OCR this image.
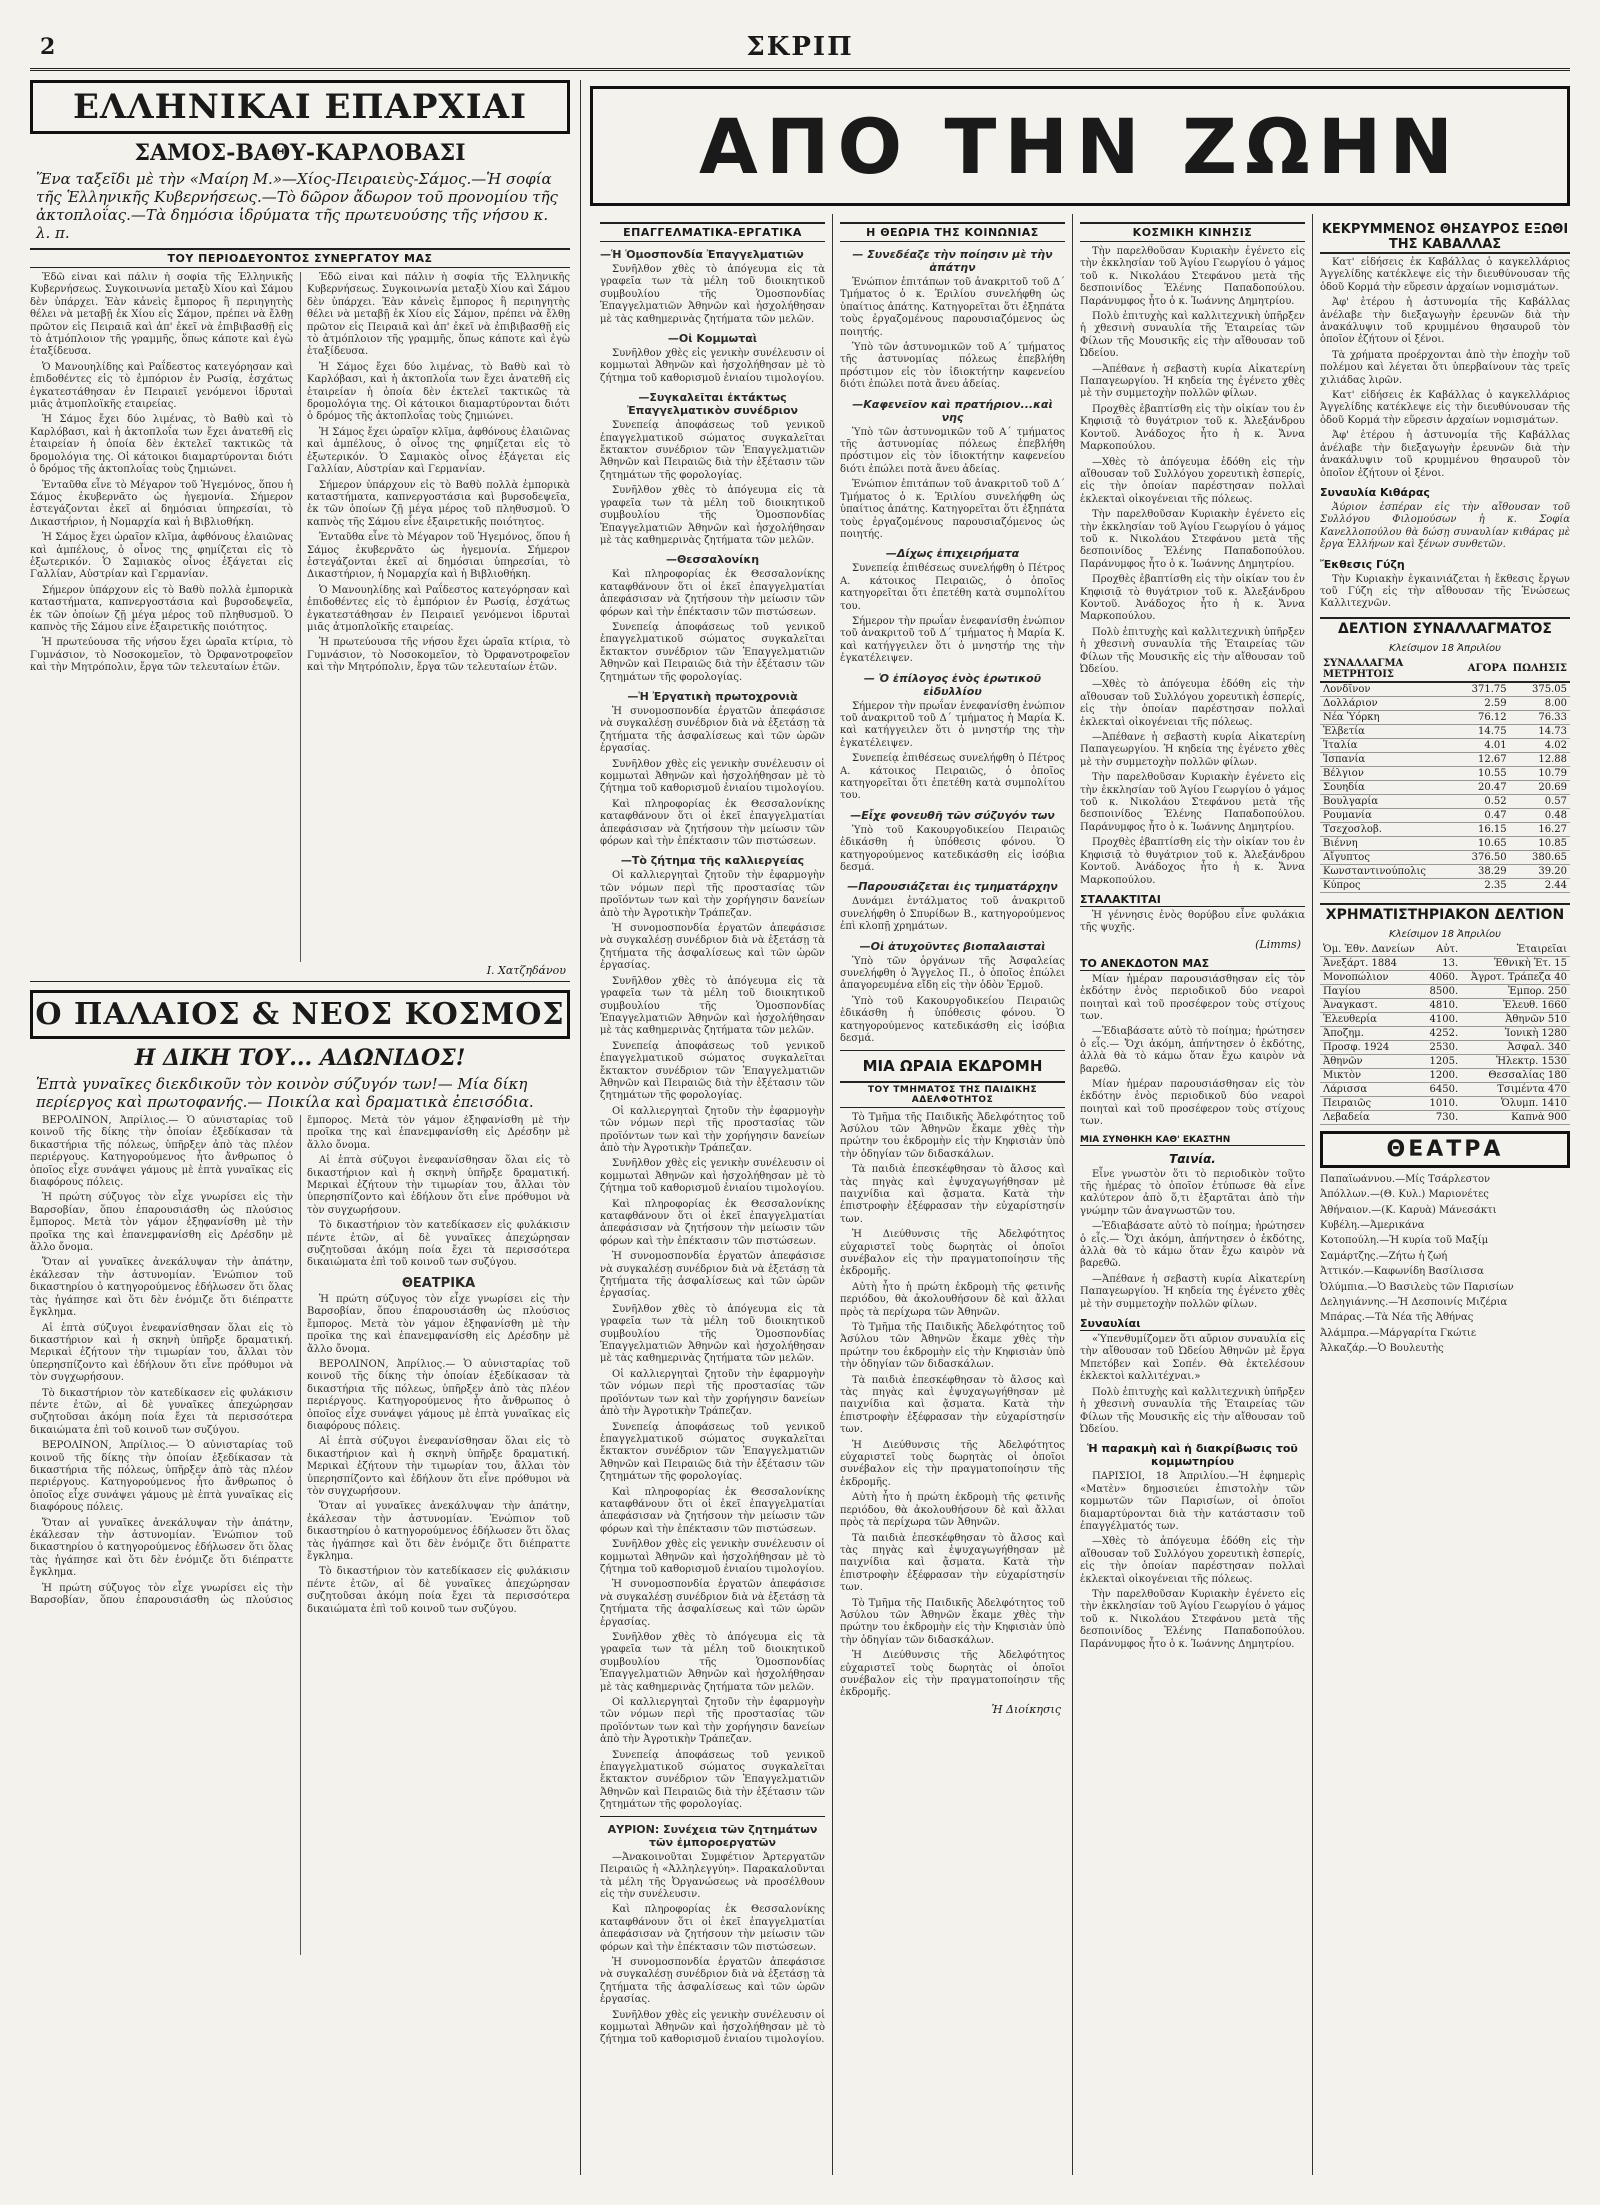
2	ΣΚΡΙΠ
ΕΛΛΗΝΙΚΑΙ ΕΠΑΡΧΙΑΙ
ΣΑΜΟΣ-ΒΑΘΥ-ΚΑΡΛΟΒΑΣΙ
Ἕνα ταξεῖδι μὲ τὴν «Μαίρη Μ.»—Χίος-Πειραιεὺς-Σάμος.—Ἡ σοφία τῆς Ἑλληνικῆς Κυβερνήσεως.—Τὸ δῶρον ἄδωρον τοῦ προνομίου τῆς ἀκτοπλοΐας.—Τὰ δημόσια ἱδρύματα τῆς πρωτευούσης τῆς νήσου κ. λ. π.
ΤΟΥ ΠΕΡΙΟΔΕΥΟΝΤΟΣ ΣΥΝΕΡΓΑΤΟΥ ΜΑΣ

Ἐδῶ εἶναι καὶ πάλιν ἡ σοφία τῆς Ἑλληνικῆς Κυβερνήσεως. Συγκοινωνία μεταξὺ Χίου καὶ Σάμου δὲν ὑπάρχει. Ἐὰν κἀνεὶς ἔμπορος ἢ περιηγητὴς θέλει νὰ μεταβῇ ἐκ Χίου εἰς Σάμον, πρέπει νὰ ἔλθῃ πρῶτον εἰς Πειραιᾶ καὶ ἀπ' ἐκεῖ νὰ ἐπιβιβασθῇ εἰς τὸ ἀτμόπλοιον τῆς γραμμῆς, ὅπως κάποτε καὶ ἐγὼ ἐταξίδευσα.

Ὁ Μανουηλίδης καὶ Ραΐδεστος κατεγόρησαν καὶ ἐπιδοθέντες εἰς τὸ ἐμπόριον ἐν Ρωσίᾳ, ἐσχάτως ἐγκατεστάθησαν ἐν Πειραιεῖ γενόμενοι ἰδρυταὶ μιᾶς ἀτμοπλοϊκῆς εταιρείας.

Ἡ Σάμος ἔχει δύο λιμένας, τὸ Βαθὺ καὶ τὸ Καρλόβασι, καὶ ἡ ἀκτοπλοΐα των ἔχει ἀνατεθῆ εἰς ἑταιρείαν ἡ ὁποία δὲν ἐκτελεῖ τακτικῶς τὰ δρομολόγια της. Οἱ κάτοικοι διαμαρτύρονται διότι ὁ δρόμος τῆς ἀκτοπλοΐας τοὺς ζημιώνει.

Ἐνταῦθα εἶνε τὸ Μέγαρον τοῦ Ἡγεμόνος, ὅπου ἡ Σάμος ἐκυβερνᾶτο ὡς ἡγεμονία. Σήμερον ἐστεγάζονται ἐκεῖ αἱ δημόσιαι ὑπηρεσίαι, τὸ Δικαστήριον, ἡ Νομαρχία καὶ ἡ Βιβλιοθήκη.

Ἡ Σάμος ἔχει ὡραῖον κλῖμα, ἀφθόνους ἐλαιῶνας καὶ ἀμπέλους, ὁ οἶνος της φημίζεται εἰς τὸ ἐξωτερικόν. Ὁ Σαμιακὸς οἶνος ἐξάγεται εἰς Γαλλίαν, Αὐστρίαν καὶ Γερμανίαν.

Σήμερον ὑπάρχουν εἰς τὸ Βαθὺ πολλὰ ἐμπορικὰ καταστήματα, καπνεργοστάσια καὶ βυρσοδεψεῖα, ἐκ τῶν ὁποίων ζῇ μέγα μέρος τοῦ πληθυσμοῦ. Ὁ καπνὸς τῆς Σάμου εἶνε ἐξαιρετικῆς ποιότητος.

Ἡ πρωτεύουσα τῆς νήσου ἔχει ὡραῖα κτίρια, τὸ Γυμνάσιον, τὸ Νοσοκομεῖον, τὸ Ὀρφανοτροφεῖον καὶ τὴν Μητρόπολιν, ἔργα τῶν τελευταίων ἐτῶν.

Ἐδῶ εἶναι καὶ πάλιν ἡ σοφία τῆς Ἑλληνικῆς Κυβερνήσεως. Συγκοινωνία μεταξὺ Χίου καὶ Σάμου δὲν ὑπάρχει. Ἐὰν κἀνεὶς ἔμπορος ἢ περιηγητὴς θέλει νὰ μεταβῇ ἐκ Χίου εἰς Σάμον, πρέπει νὰ ἔλθῃ πρῶτον εἰς Πειραιᾶ καὶ ἀπ' ἐκεῖ νὰ ἐπιβιβασθῇ εἰς τὸ ἀτμόπλοιον τῆς γραμμῆς, ὅπως κάποτε καὶ ἐγὼ ἐταξίδευσα.

Ἡ Σάμος ἔχει δύο λιμένας, τὸ Βαθὺ καὶ τὸ Καρλόβασι, καὶ ἡ ἀκτοπλοΐα των ἔχει ἀνατεθῆ εἰς ἑταιρείαν ἡ ὁποία δὲν ἐκτελεῖ τακτικῶς τὰ δρομολόγια της. Οἱ κάτοικοι διαμαρτύρονται διότι ὁ δρόμος τῆς ἀκτοπλοΐας τοὺς ζημιώνει.

Ἡ Σάμος ἔχει ὡραῖον κλῖμα, ἀφθόνους ἐλαιῶνας καὶ ἀμπέλους, ὁ οἶνος της φημίζεται εἰς τὸ ἐξωτερικόν. Ὁ Σαμιακὸς οἶνος ἐξάγεται εἰς Γαλλίαν, Αὐστρίαν καὶ Γερμανίαν.

Σήμερον ὑπάρχουν εἰς τὸ Βαθὺ πολλὰ ἐμπορικὰ καταστήματα, καπνεργοστάσια καὶ βυρσοδεψεῖα, ἐκ τῶν ὁποίων ζῇ μέγα μέρος τοῦ πληθυσμοῦ. Ὁ καπνὸς τῆς Σάμου εἶνε ἐξαιρετικῆς ποιότητος.

Ἐνταῦθα εἶνε τὸ Μέγαρον τοῦ Ἡγεμόνος, ὅπου ἡ Σάμος ἐκυβερνᾶτο ὡς ἡγεμονία. Σήμερον ἐστεγάζονται ἐκεῖ αἱ δημόσιαι ὑπηρεσίαι, τὸ Δικαστήριον, ἡ Νομαρχία καὶ ἡ Βιβλιοθήκη.

Ὁ Μανουηλίδης καὶ Ραΐδεστος κατεγόρησαν καὶ ἐπιδοθέντες εἰς τὸ ἐμπόριον ἐν Ρωσίᾳ, ἐσχάτως ἐγκατεστάθησαν ἐν Πειραιεῖ γενόμενοι ἰδρυταὶ μιᾶς ἀτμοπλοϊκῆς εταιρείας.

Ἡ πρωτεύουσα τῆς νήσου ἔχει ὡραῖα κτίρια, τὸ Γυμνάσιον, τὸ Νοσοκομεῖον, τὸ Ὀρφανοτροφεῖον καὶ τὴν Μητρόπολιν, ἔργα τῶν τελευταίων ἐτῶν.

Ι. Χατζηδάνου
Ο ΠΑΛΑΙΟΣ & ΝΕΟΣ ΚΟΣΜΟΣ
Η ΔΙΚΗ ΤΟΥ... ΑΔΩΝΙΔΟΣ!
Ἑπτὰ γυναῖκες διεκδικοῦν τὸν κοινὸν σύζυγόν των!— Μία δίκη περίεργος καὶ πρωτοφανής.— Ποικίλα καὶ δραματικὰ ἐπεισόδια.

ΒΕΡΟΛΙΝΟΝ, Ἀπρίλιος.— Ὁ αὐνισταρίας τοῦ κοινοῦ τῆς δίκης τὴν ὁποίαν ἐξεδίκασαν τὰ δικαστήρια τῆς πόλεως, ὑπῆρξεν ἀπὸ τὰς πλέον περιέργους. Κατηγορούμενος ἦτο ἄνθρωπος ὁ ὁποῖος εἶχε συνάψει γάμους μὲ ἑπτὰ γυναῖκας εἰς διαφόρους πόλεις.

Ἡ πρώτη σύζυγος τὸν εἶχε γνωρίσει εἰς τὴν Βαρσοβίαν, ὅπου ἐπαρουσιάσθη ὡς πλούσιος ἔμπορος. Μετὰ τὸν γάμον ἐξηφανίσθη μὲ τὴν προῖκα της καὶ ἐπανεμφανίσθη εἰς Δρέσδην μὲ ἄλλο ὄνομα.

Ὅταν αἱ γυναῖκες ἀνεκάλυψαν τὴν ἀπάτην, ἐκάλεσαν τὴν ἀστυνομίαν. Ἐνώπιον τοῦ δικαστηρίου ὁ κατηγορούμενος ἐδήλωσεν ὅτι ὅλας τὰς ἠγάπησε καὶ ὅτι δὲν ἐνόμιζε ὅτι διέπραττε ἔγκλημα.

Αἱ ἑπτὰ σύζυγοι ἐνεφανίσθησαν ὅλαι εἰς τὸ δικαστήριον καὶ ἡ σκηνὴ ὑπῆρξε δραματική. Μερικαὶ ἐζήτουν τὴν τιμωρίαν του, ἄλλαι τὸν ὑπερησπίζοντο καὶ ἐδήλουν ὅτι εἶνε πρόθυμοι νὰ τὸν συγχωρήσουν.

Τὸ δικαστήριον τὸν κατεδίκασεν εἰς φυλάκισιν πέντε ἐτῶν, αἱ δὲ γυναῖκες ἀπεχώρησαν συζητοῦσαι ἀκόμη ποία ἔχει τὰ περισσότερα δικαιώματα ἐπὶ τοῦ κοινοῦ των συζύγου.

ΒΕΡΟΛΙΝΟΝ, Ἀπρίλιος.— Ὁ αὐνισταρίας τοῦ κοινοῦ τῆς δίκης τὴν ὁποίαν ἐξεδίκασαν τὰ δικαστήρια τῆς πόλεως, ὑπῆρξεν ἀπὸ τὰς πλέον περιέργους. Κατηγορούμενος ἦτο ἄνθρωπος ὁ ὁποῖος εἶχε συνάψει γάμους μὲ ἑπτὰ γυναῖκας εἰς διαφόρους πόλεις.

Ὅταν αἱ γυναῖκες ἀνεκάλυψαν τὴν ἀπάτην, ἐκάλεσαν τὴν ἀστυνομίαν. Ἐνώπιον τοῦ δικαστηρίου ὁ κατηγορούμενος ἐδήλωσεν ὅτι ὅλας τὰς ἠγάπησε καὶ ὅτι δὲν ἐνόμιζε ὅτι διέπραττε ἔγκλημα.

Ἡ πρώτη σύζυγος τὸν εἶχε γνωρίσει εἰς τὴν Βαρσοβίαν, ὅπου ἐπαρουσιάσθη ὡς πλούσιος ἔμπορος. Μετὰ τὸν γάμον ἐξηφανίσθη μὲ τὴν προῖκα της καὶ ἐπανεμφανίσθη εἰς Δρέσδην μὲ ἄλλο ὄνομα.

Αἱ ἑπτὰ σύζυγοι ἐνεφανίσθησαν ὅλαι εἰς τὸ δικαστήριον καὶ ἡ σκηνὴ ὑπῆρξε δραματική. Μερικαὶ ἐζήτουν τὴν τιμωρίαν του, ἄλλαι τὸν ὑπερησπίζοντο καὶ ἐδήλουν ὅτι εἶνε πρόθυμοι νὰ τὸν συγχωρήσουν.

Τὸ δικαστήριον τὸν κατεδίκασεν εἰς φυλάκισιν πέντε ἐτῶν, αἱ δὲ γυναῖκες ἀπεχώρησαν συζητοῦσαι ἀκόμη ποία ἔχει τὰ περισσότερα δικαιώματα ἐπὶ τοῦ κοινοῦ των συζύγου.

ΘΕΑΤΡΙΚΑ

Ἡ πρώτη σύζυγος τὸν εἶχε γνωρίσει εἰς τὴν Βαρσοβίαν, ὅπου ἐπαρουσιάσθη ὡς πλούσιος ἔμπορος. Μετὰ τὸν γάμον ἐξηφανίσθη μὲ τὴν προῖκα της καὶ ἐπανεμφανίσθη εἰς Δρέσδην μὲ ἄλλο ὄνομα.

ΒΕΡΟΛΙΝΟΝ, Ἀπρίλιος.— Ὁ αὐνισταρίας τοῦ κοινοῦ τῆς δίκης τὴν ὁποίαν ἐξεδίκασαν τὰ δικαστήρια τῆς πόλεως, ὑπῆρξεν ἀπὸ τὰς πλέον περιέργους. Κατηγορούμενος ἦτο ἄνθρωπος ὁ ὁποῖος εἶχε συνάψει γάμους μὲ ἑπτὰ γυναῖκας εἰς διαφόρους πόλεις.

Αἱ ἑπτὰ σύζυγοι ἐνεφανίσθησαν ὅλαι εἰς τὸ δικαστήριον καὶ ἡ σκηνὴ ὑπῆρξε δραματική. Μερικαὶ ἐζήτουν τὴν τιμωρίαν του, ἄλλαι τὸν ὑπερησπίζοντο καὶ ἐδήλουν ὅτι εἶνε πρόθυμοι νὰ τὸν συγχωρήσουν.

Ὅταν αἱ γυναῖκες ἀνεκάλυψαν τὴν ἀπάτην, ἐκάλεσαν τὴν ἀστυνομίαν. Ἐνώπιον τοῦ δικαστηρίου ὁ κατηγορούμενος ἐδήλωσεν ὅτι ὅλας τὰς ἠγάπησε καὶ ὅτι δὲν ἐνόμιζε ὅτι διέπραττε ἔγκλημα.

Τὸ δικαστήριον τὸν κατεδίκασεν εἰς φυλάκισιν πέντε ἐτῶν, αἱ δὲ γυναῖκες ἀπεχώρησαν συζητοῦσαι ἀκόμη ποία ἔχει τὰ περισσότερα δικαιώματα ἐπὶ τοῦ κοινοῦ των συζύγου.

ΑΠΟ ΤΗΝ ΖΩΗΝ
ΕΠΑΓΓΕΛΜΑΤΙΚΑ-ΕΡΓΑΤΙΚΑ
—Ἡ Ὁμοσπονδία Ἐπαγγελματιῶν

Συνῆλθον χθὲς τὸ ἀπόγευμα εἰς τὰ γραφεῖα των τὰ μέλη τοῦ διοικητικοῦ συμβουλίου τῆς Ὁμοσπονδίας Ἐπαγγελματιῶν Ἀθηνῶν καὶ ἠσχολήθησαν μὲ τὰς καθημερινὰς ζητήματα τῶν μελῶν.

—Οἱ Κομμωταὶ

Συνῆλθον χθὲς εἰς γενικὴν συνέλευσιν οἱ κομμωταὶ Ἀθηνῶν καὶ ἠσχολήθησαν μὲ τὸ ζήτημα τοῦ καθορισμοῦ ἑνιαίου τιμολογίου.

—Συγκαλεῖται ἐκτάκτως Ἐπαγγελματικὸν συνέδριον

Συνεπείᾳ ἀποφάσεως τοῦ γενικοῦ ἐπαγγελματικοῦ σώματος συγκαλεῖται ἔκτακτον συνέδριον τῶν Ἐπαγγελματιῶν Ἀθηνῶν καὶ Πειραιῶς διὰ τὴν ἐξέτασιν τῶν ζητημάτων τῆς φορολογίας.

Συνῆλθον χθὲς τὸ ἀπόγευμα εἰς τὰ γραφεῖα των τὰ μέλη τοῦ διοικητικοῦ συμβουλίου τῆς Ὁμοσπονδίας Ἐπαγγελματιῶν Ἀθηνῶν καὶ ἠσχολήθησαν μὲ τὰς καθημερινὰς ζητήματα τῶν μελῶν.

—Θεσσαλονίκη

Καὶ πληροφορίας ἐκ Θεσσαλονίκης καταφθάνουν ὅτι οἱ ἐκεῖ ἐπαγγελματίαι ἀπεφάσισαν νὰ ζητήσουν τὴν μείωσιν τῶν φόρων καὶ τὴν ἐπέκτασιν τῶν πιστώσεων.

Συνεπείᾳ ἀποφάσεως τοῦ γενικοῦ ἐπαγγελματικοῦ σώματος συγκαλεῖται ἔκτακτον συνέδριον τῶν Ἐπαγγελματιῶν Ἀθηνῶν καὶ Πειραιῶς διὰ τὴν ἐξέτασιν τῶν ζητημάτων τῆς φορολογίας.

—Ἡ Ἐργατικὴ πρωτοχρονιὰ

Ἡ συνομοσπονδία ἐργατῶν ἀπεφάσισε νὰ συγκαλέσῃ συνέδριον διὰ νὰ ἐξετάσῃ τὰ ζητήματα τῆς ἀσφαλίσεως καὶ τῶν ὡρῶν ἐργασίας.

Συνῆλθον χθὲς εἰς γενικὴν συνέλευσιν οἱ κομμωταὶ Ἀθηνῶν καὶ ἠσχολήθησαν μὲ τὸ ζήτημα τοῦ καθορισμοῦ ἑνιαίου τιμολογίου.

Καὶ πληροφορίας ἐκ Θεσσαλονίκης καταφθάνουν ὅτι οἱ ἐκεῖ ἐπαγγελματίαι ἀπεφάσισαν νὰ ζητήσουν τὴν μείωσιν τῶν φόρων καὶ τὴν ἐπέκτασιν τῶν πιστώσεων.

—Τὸ ζήτημα τῆς καλλιεργείας

Οἱ καλλιεργηταὶ ζητοῦν τὴν ἐφαρμογὴν τῶν νόμων περὶ τῆς προστασίας τῶν προϊόντων των καὶ τὴν χορήγησιν δανείων ἀπὸ τὴν Ἀγροτικὴν Τράπεζαν.

Ἡ συνομοσπονδία ἐργατῶν ἀπεφάσισε νὰ συγκαλέσῃ συνέδριον διὰ νὰ ἐξετάσῃ τὰ ζητήματα τῆς ἀσφαλίσεως καὶ τῶν ὡρῶν ἐργασίας.

Συνῆλθον χθὲς τὸ ἀπόγευμα εἰς τὰ γραφεῖα των τὰ μέλη τοῦ διοικητικοῦ συμβουλίου τῆς Ὁμοσπονδίας Ἐπαγγελματιῶν Ἀθηνῶν καὶ ἠσχολήθησαν μὲ τὰς καθημερινὰς ζητήματα τῶν μελῶν.

Συνεπείᾳ ἀποφάσεως τοῦ γενικοῦ ἐπαγγελματικοῦ σώματος συγκαλεῖται ἔκτακτον συνέδριον τῶν Ἐπαγγελματιῶν Ἀθηνῶν καὶ Πειραιῶς διὰ τὴν ἐξέτασιν τῶν ζητημάτων τῆς φορολογίας.

Οἱ καλλιεργηταὶ ζητοῦν τὴν ἐφαρμογὴν τῶν νόμων περὶ τῆς προστασίας τῶν προϊόντων των καὶ τὴν χορήγησιν δανείων ἀπὸ τὴν Ἀγροτικὴν Τράπεζαν.

Συνῆλθον χθὲς εἰς γενικὴν συνέλευσιν οἱ κομμωταὶ Ἀθηνῶν καὶ ἠσχολήθησαν μὲ τὸ ζήτημα τοῦ καθορισμοῦ ἑνιαίου τιμολογίου.

Καὶ πληροφορίας ἐκ Θεσσαλονίκης καταφθάνουν ὅτι οἱ ἐκεῖ ἐπαγγελματίαι ἀπεφάσισαν νὰ ζητήσουν τὴν μείωσιν τῶν φόρων καὶ τὴν ἐπέκτασιν τῶν πιστώσεων.

Ἡ συνομοσπονδία ἐργατῶν ἀπεφάσισε νὰ συγκαλέσῃ συνέδριον διὰ νὰ ἐξετάσῃ τὰ ζητήματα τῆς ἀσφαλίσεως καὶ τῶν ὡρῶν ἐργασίας.

Συνῆλθον χθὲς τὸ ἀπόγευμα εἰς τὰ γραφεῖα των τὰ μέλη τοῦ διοικητικοῦ συμβουλίου τῆς Ὁμοσπονδίας Ἐπαγγελματιῶν Ἀθηνῶν καὶ ἠσχολήθησαν μὲ τὰς καθημερινὰς ζητήματα τῶν μελῶν.

Οἱ καλλιεργηταὶ ζητοῦν τὴν ἐφαρμογὴν τῶν νόμων περὶ τῆς προστασίας τῶν προϊόντων των καὶ τὴν χορήγησιν δανείων ἀπὸ τὴν Ἀγροτικὴν Τράπεζαν.

Συνεπείᾳ ἀποφάσεως τοῦ γενικοῦ ἐπαγγελματικοῦ σώματος συγκαλεῖται ἔκτακτον συνέδριον τῶν Ἐπαγγελματιῶν Ἀθηνῶν καὶ Πειραιῶς διὰ τὴν ἐξέτασιν τῶν ζητημάτων τῆς φορολογίας.

Καὶ πληροφορίας ἐκ Θεσσαλονίκης καταφθάνουν ὅτι οἱ ἐκεῖ ἐπαγγελματίαι ἀπεφάσισαν νὰ ζητήσουν τὴν μείωσιν τῶν φόρων καὶ τὴν ἐπέκτασιν τῶν πιστώσεων.

Συνῆλθον χθὲς εἰς γενικὴν συνέλευσιν οἱ κομμωταὶ Ἀθηνῶν καὶ ἠσχολήθησαν μὲ τὸ ζήτημα τοῦ καθορισμοῦ ἑνιαίου τιμολογίου.

Ἡ συνομοσπονδία ἐργατῶν ἀπεφάσισε νὰ συγκαλέσῃ συνέδριον διὰ νὰ ἐξετάσῃ τὰ ζητήματα τῆς ἀσφαλίσεως καὶ τῶν ὡρῶν ἐργασίας.

Συνῆλθον χθὲς τὸ ἀπόγευμα εἰς τὰ γραφεῖα των τὰ μέλη τοῦ διοικητικοῦ συμβουλίου τῆς Ὁμοσπονδίας Ἐπαγγελματιῶν Ἀθηνῶν καὶ ἠσχολήθησαν μὲ τὰς καθημερινὰς ζητήματα τῶν μελῶν.

Οἱ καλλιεργηταὶ ζητοῦν τὴν ἐφαρμογὴν τῶν νόμων περὶ τῆς προστασίας τῶν προϊόντων των καὶ τὴν χορήγησιν δανείων ἀπὸ τὴν Ἀγροτικὴν Τράπεζαν.

Συνεπείᾳ ἀποφάσεως τοῦ γενικοῦ ἐπαγγελματικοῦ σώματος συγκαλεῖται ἔκτακτον συνέδριον τῶν Ἐπαγγελματιῶν Ἀθηνῶν καὶ Πειραιῶς διὰ τὴν ἐξέτασιν τῶν ζητημάτων τῆς φορολογίας.

ΑΥΡΙΟΝ: Συνέχεια τῶν ζητημάτων τῶν ἐμποροεργατῶν

—Ἀνακοινοῦται Συμφέτιον Ἀρτεργατῶν Πειραιῶς ἡ «Ἀλληλεγγύη». Παρακαλοῦνται τὰ μέλη τῆς Ὀργανώσεως νὰ προσέλθουν εἰς τὴν συνέλευσιν.

Καὶ πληροφορίας ἐκ Θεσσαλονίκης καταφθάνουν ὅτι οἱ ἐκεῖ ἐπαγγελματίαι ἀπεφάσισαν νὰ ζητήσουν τὴν μείωσιν τῶν φόρων καὶ τὴν ἐπέκτασιν τῶν πιστώσεων.

Ἡ συνομοσπονδία ἐργατῶν ἀπεφάσισε νὰ συγκαλέσῃ συνέδριον διὰ νὰ ἐξετάσῃ τὰ ζητήματα τῆς ἀσφαλίσεως καὶ τῶν ὡρῶν ἐργασίας.

Συνῆλθον χθὲς εἰς γενικὴν συνέλευσιν οἱ κομμωταὶ Ἀθηνῶν καὶ ἠσχολήθησαν μὲ τὸ ζήτημα τοῦ καθορισμοῦ ἑνιαίου τιμολογίου.

Η ΘΕΩΡΙΑ ΤΗΣ ΚΟΙΝΩΝΙΑΣ
— Συνεδέαζε τὴν ποίησιν μὲ τὴν ἁπάτην

Ἐνώπιον ἐπιτάπων τοῦ ἀνακριτοῦ τοῦ Δ΄ Τμήματος ὁ κ. Ἐριλίου συνελήφθη ὡς ὑπαίτιος ἀπάτης. Κατηγορεῖται ὅτι ἐξηπάτα τοὺς ἐργαζομένους παρουσιαζόμενος ὡς ποιητής.

Ὑπὸ τῶν ἀστυνομικῶν τοῦ Α΄ τμήματος τῆς ἀστυνομίας πόλεως ἐπεβλήθη πρόστιμον εἰς τὸν ἰδιοκτήτην καφενείου διότι ἐπώλει ποτὰ ἄνευ ἀδείας.

—Καφενεῖον καὶ πρατήριον...καὶ νης

Ὑπὸ τῶν ἀστυνομικῶν τοῦ Α΄ τμήματος τῆς ἀστυνομίας πόλεως ἐπεβλήθη πρόστιμον εἰς τὸν ἰδιοκτήτην καφενείου διότι ἐπώλει ποτὰ ἄνευ ἀδείας.

Ἐνώπιον ἐπιτάπων τοῦ ἀνακριτοῦ τοῦ Δ΄ Τμήματος ὁ κ. Ἐριλίου συνελήφθη ὡς ὑπαίτιος ἀπάτης. Κατηγορεῖται ὅτι ἐξηπάτα τοὺς ἐργαζομένους παρουσιαζόμενος ὡς ποιητής.

—Δίχως ἐπιχειρήματα

Συνεπείᾳ ἐπιθέσεως συνελήφθη ὁ Πέτρος Α. κάτοικος Πειραιῶς, ὁ ὁποῖος κατηγορεῖται ὅτι ἐπετέθη κατὰ συμπολίτου του.

Σήμερον τὴν πρωΐαν ἐνεφανίσθη ἐνώπιον τοῦ ἀνακριτοῦ τοῦ Δ΄ τμήματος ἡ Μαρία Κ. καὶ κατήγγειλεν ὅτι ὁ μνηστήρ της τὴν ἐγκατέλειψεν.

— Ὁ ἐπίλογος ἑνὸς ἐρωτικοῦ εἰδυλλίου

Σήμερον τὴν πρωΐαν ἐνεφανίσθη ἐνώπιον τοῦ ἀνακριτοῦ τοῦ Δ΄ τμήματος ἡ Μαρία Κ. καὶ κατήγγειλεν ὅτι ὁ μνηστήρ της τὴν ἐγκατέλειψεν.

Συνεπείᾳ ἐπιθέσεως συνελήφθη ὁ Πέτρος Α. κάτοικος Πειραιῶς, ὁ ὁποῖος κατηγορεῖται ὅτι ἐπετέθη κατὰ συμπολίτου του.

—Εἶχε φονευθῆ τῶν σύζυγόν των

Ὑπὸ τοῦ Κακουργοδικείου Πειραιῶς ἐδικάσθη ἡ ὑπόθεσις φόνου. Ὁ κατηγορούμενος κατεδικάσθη εἰς ἰσόβια δεσμά.

—Παρουσιάζεται ἐις τμηματάρχην

Δυνάμει ἐντάλματος τοῦ ἀνακριτοῦ συνελήφθη ὁ Σπυρίδων Β., κατηγορούμενος ἐπὶ κλοπῇ χρημάτων.

—Οἱ ἀτυχοῦντες βιοπαλαισταὶ

Ὑπὸ τῶν ὀργάνων τῆς Ἀσφαλείας συνελήφθη ὁ Ἄγγελος Π., ὁ ὁποῖος ἐπώλει ἀπαγορευμένα εἴδη εἰς τὴν ὁδὸν Ἑρμοῦ.

Ὑπὸ τοῦ Κακουργοδικείου Πειραιῶς ἐδικάσθη ἡ ὑπόθεσις φόνου. Ὁ κατηγορούμενος κατεδικάσθη εἰς ἰσόβια δεσμά.

ΜΙΑ ΩΡΑΙΑ ΕΚΔΡΟΜΗ
ΤΟΥ ΤΜΗΜΑΤΟΣ ΤΗΣ ΠΑΙΔΙΚΗΣ ΑΔΕΛΦΟΤΗΤΟΣ

Τὸ Τμῆμα τῆς Παιδικῆς Ἀδελφότητος τοῦ Ἀσύλου τῶν Ἀθηνῶν ἔκαμε χθὲς τὴν πρώτην του ἐκδρομὴν εἰς τὴν Κηφισιὰν ὑπὸ τὴν ὁδηγίαν τῶν διδασκάλων.

Τὰ παιδιὰ ἐπεσκέφθησαν τὸ ἄλσος καὶ τὰς πηγὰς καὶ ἐψυχαγωγήθησαν μὲ παιχνίδια καὶ ᾄσματα. Κατὰ τὴν ἐπιστροφὴν ἐξέφρασαν τὴν εὐχαρίστησίν των.

Ἡ Διεύθυνσις τῆς Ἀδελφότητος εὐχαριστεῖ τοὺς δωρητὰς οἱ ὁποῖοι συνέβαλον εἰς τὴν πραγματοποίησιν τῆς ἐκδρομῆς.

Αὐτὴ ἦτο ἡ πρώτη ἐκδρομὴ τῆς φετινῆς περιόδου, θὰ ἀκολουθήσουν δὲ καὶ ἄλλαι πρὸς τὰ περίχωρα τῶν Ἀθηνῶν.

Τὸ Τμῆμα τῆς Παιδικῆς Ἀδελφότητος τοῦ Ἀσύλου τῶν Ἀθηνῶν ἔκαμε χθὲς τὴν πρώτην του ἐκδρομὴν εἰς τὴν Κηφισιὰν ὑπὸ τὴν ὁδηγίαν τῶν διδασκάλων.

Τὰ παιδιὰ ἐπεσκέφθησαν τὸ ἄλσος καὶ τὰς πηγὰς καὶ ἐψυχαγωγήθησαν μὲ παιχνίδια καὶ ᾄσματα. Κατὰ τὴν ἐπιστροφὴν ἐξέφρασαν τὴν εὐχαρίστησίν των.

Ἡ Διεύθυνσις τῆς Ἀδελφότητος εὐχαριστεῖ τοὺς δωρητὰς οἱ ὁποῖοι συνέβαλον εἰς τὴν πραγματοποίησιν τῆς ἐκδρομῆς.

Αὐτὴ ἦτο ἡ πρώτη ἐκδρομὴ τῆς φετινῆς περιόδου, θὰ ἀκολουθήσουν δὲ καὶ ἄλλαι πρὸς τὰ περίχωρα τῶν Ἀθηνῶν.

Τὰ παιδιὰ ἐπεσκέφθησαν τὸ ἄλσος καὶ τὰς πηγὰς καὶ ἐψυχαγωγήθησαν μὲ παιχνίδια καὶ ᾄσματα. Κατὰ τὴν ἐπιστροφὴν ἐξέφρασαν τὴν εὐχαρίστησίν των.

Τὸ Τμῆμα τῆς Παιδικῆς Ἀδελφότητος τοῦ Ἀσύλου τῶν Ἀθηνῶν ἔκαμε χθὲς τὴν πρώτην του ἐκδρομὴν εἰς τὴν Κηφισιὰν ὑπὸ τὴν ὁδηγίαν τῶν διδασκάλων.

Ἡ Διεύθυνσις τῆς Ἀδελφότητος εὐχαριστεῖ τοὺς δωρητὰς οἱ ὁποῖοι συνέβαλον εἰς τὴν πραγματοποίησιν τῆς ἐκδρομῆς.

Ἡ Διοίκησις
ΚΟΣΜΙΚΗ ΚΙΝΗΣΙΣ

Τὴν παρελθοῦσαν Κυριακὴν ἐγένετο εἰς τὴν ἐκκλησίαν τοῦ Ἁγίου Γεωργίου ὁ γάμος τοῦ κ. Νικολάου Στεφάνου μετὰ τῆς δεσποινίδος Ἑλένης Παπαδοπούλου. Παράνυμφος ἦτο ὁ κ. Ἰωάννης Δημητρίου.

Πολὺ ἐπιτυχὴς καὶ καλλιτεχνικὴ ὑπῆρξεν ἡ χθεσινὴ συναυλία τῆς Ἑταιρείας τῶν Φίλων τῆς Μουσικῆς εἰς τὴν αἴθουσαν τοῦ Ὠδείου.

—Ἀπέθανε ἡ σεβαστὴ κυρία Αἰκατερίνη Παπαγεωργίου. Ἡ κηδεία της ἐγένετο χθὲς μὲ τὴν συμμετοχὴν πολλῶν φίλων.

Προχθὲς ἐβαπτίσθη εἰς τὴν οἰκίαν του ἐν Κηφισιᾷ τὸ θυγάτριον τοῦ κ. Ἀλεξάνδρου Κοντοῦ. Ἀνάδοχος ἦτο ἡ κ. Ἄννα Μαρκοπούλου.

—Χθὲς τὸ ἀπόγευμα ἐδόθη εἰς τὴν αἴθουσαν τοῦ Συλλόγου χορευτικὴ ἑσπερίς, εἰς τὴν ὁποίαν παρέστησαν πολλαὶ ἐκλεκταὶ οἰκογένειαι τῆς πόλεως.

Τὴν παρελθοῦσαν Κυριακὴν ἐγένετο εἰς τὴν ἐκκλησίαν τοῦ Ἁγίου Γεωργίου ὁ γάμος τοῦ κ. Νικολάου Στεφάνου μετὰ τῆς δεσποινίδος Ἑλένης Παπαδοπούλου. Παράνυμφος ἦτο ὁ κ. Ἰωάννης Δημητρίου.

Προχθὲς ἐβαπτίσθη εἰς τὴν οἰκίαν του ἐν Κηφισιᾷ τὸ θυγάτριον τοῦ κ. Ἀλεξάνδρου Κοντοῦ. Ἀνάδοχος ἦτο ἡ κ. Ἄννα Μαρκοπούλου.

Πολὺ ἐπιτυχὴς καὶ καλλιτεχνικὴ ὑπῆρξεν ἡ χθεσινὴ συναυλία τῆς Ἑταιρείας τῶν Φίλων τῆς Μουσικῆς εἰς τὴν αἴθουσαν τοῦ Ὠδείου.

—Χθὲς τὸ ἀπόγευμα ἐδόθη εἰς τὴν αἴθουσαν τοῦ Συλλόγου χορευτικὴ ἑσπερίς, εἰς τὴν ὁποίαν παρέστησαν πολλαὶ ἐκλεκταὶ οἰκογένειαι τῆς πόλεως.

—Ἀπέθανε ἡ σεβαστὴ κυρία Αἰκατερίνη Παπαγεωργίου. Ἡ κηδεία της ἐγένετο χθὲς μὲ τὴν συμμετοχὴν πολλῶν φίλων.

Τὴν παρελθοῦσαν Κυριακὴν ἐγένετο εἰς τὴν ἐκκλησίαν τοῦ Ἁγίου Γεωργίου ὁ γάμος τοῦ κ. Νικολάου Στεφάνου μετὰ τῆς δεσποινίδος Ἑλένης Παπαδοπούλου. Παράνυμφος ἦτο ὁ κ. Ἰωάννης Δημητρίου.

Προχθὲς ἐβαπτίσθη εἰς τὴν οἰκίαν του ἐν Κηφισιᾷ τὸ θυγάτριον τοῦ κ. Ἀλεξάνδρου Κοντοῦ. Ἀνάδοχος ἦτο ἡ κ. Ἄννα Μαρκοπούλου.

ΣΤΑΛΑΚΤΙΤΑΙ

Ἡ γέννησις ἑνὸς θορύβου εἶνε φυλάκια τῆς ψυχῆς.

(Limms)
ΤΟ ΑΝΕΚΔΟΤΟΝ ΜΑΣ

Μίαν ἡμέραν παρουσιάσθησαν εἰς τὸν ἐκδότην ἑνὸς περιοδικοῦ δύο νεαροὶ ποιηταὶ καὶ τοῦ προσέφερον τοὺς στίχους των.

—Ἐδιαβάσατε αὐτὸ τὸ ποίημα; ἠρώτησεν ὁ εἷς.— Ὄχι ἀκόμη, ἀπήντησεν ὁ ἐκδότης, ἀλλὰ θὰ τὸ κάμω ὅταν ἔχω καιρὸν νὰ βαρεθῶ.

Μίαν ἡμέραν παρουσιάσθησαν εἰς τὸν ἐκδότην ἑνὸς περιοδικοῦ δύο νεαροὶ ποιηταὶ καὶ τοῦ προσέφερον τοὺς στίχους των.

ΜΙΑ ΣΥΝΘΗΚΗ ΚΑΘ' ΕΚΑΣΤΗΝ
Ταινία.

Εἶνε γνωστὸν ὅτι τὸ περιοδικὸν τοῦτο τῆς ἡμέρας τὸ ὁποῖον ἐτύπωσε θὰ εἶνε καλύτερον ἀπὸ ὅ,τι ἐξαρτᾶται ἀπὸ τὴν γνώμην τῶν ἀναγνωστῶν του.

—Ἐδιαβάσατε αὐτὸ τὸ ποίημα; ἠρώτησεν ὁ εἷς.— Ὄχι ἀκόμη, ἀπήντησεν ὁ ἐκδότης, ἀλλὰ θὰ τὸ κάμω ὅταν ἔχω καιρὸν νὰ βαρεθῶ.

—Ἀπέθανε ἡ σεβαστὴ κυρία Αἰκατερίνη Παπαγεωργίου. Ἡ κηδεία της ἐγένετο χθὲς μὲ τὴν συμμετοχὴν πολλῶν φίλων.

Συναυλίαι

«Ὑπενθυμίζομεν ὅτι αὔριον συναυλία εἰς τὴν αἴθουσαν τοῦ Ὠδείου Ἀθηνῶν μὲ ἔργα Μπετόβεν καὶ Σοπέν. Θὰ ἐκτελέσουν ἐκλεκτοὶ καλλιτέχναι.»

Πολὺ ἐπιτυχὴς καὶ καλλιτεχνικὴ ὑπῆρξεν ἡ χθεσινὴ συναυλία τῆς Ἑταιρείας τῶν Φίλων τῆς Μουσικῆς εἰς τὴν αἴθουσαν τοῦ Ὠδείου.

Ἡ παρακμὴ καὶ ἡ διακρίβωσις τοῦ κομμωτηρίου

ΠΑΡΙΣΙΟΙ, 18 Ἀπριλίου.—Ἡ ἐφημερὶς «Ματὲν» δημοσιεύει ἐπιστολὴν τῶν κομμωτῶν τῶν Παρισίων, οἱ ὁποῖοι διαμαρτύρονται διὰ τὴν κατάστασιν τοῦ ἐπαγγέλματός των.

—Χθὲς τὸ ἀπόγευμα ἐδόθη εἰς τὴν αἴθουσαν τοῦ Συλλόγου χορευτικὴ ἑσπερίς, εἰς τὴν ὁποίαν παρέστησαν πολλαὶ ἐκλεκταὶ οἰκογένειαι τῆς πόλεως.

Τὴν παρελθοῦσαν Κυριακὴν ἐγένετο εἰς τὴν ἐκκλησίαν τοῦ Ἁγίου Γεωργίου ὁ γάμος τοῦ κ. Νικολάου Στεφάνου μετὰ τῆς δεσποινίδος Ἑλένης Παπαδοπούλου. Παράνυμφος ἦτο ὁ κ. Ἰωάννης Δημητρίου.

ΚΕΚΡΥΜΜΕΝΟΣ ΘΗΣΑΥΡΟΣ ΕΞΩΘΙ ΤΗΣ ΚΑΒΑΛΛΑΣ

Κατ' εἰδήσεις ἐκ Καβάλλας ὁ καγκελλάριος Ἀγγελίδης κατέκλεψε εἰς τὴν διευθύνουσαν τῆς ὁδοῦ Κορμά τὴν εὕρεσιν ἀρχαίων νομισμάτων.

Ἀφ' ἑτέρου ἡ ἀστυνομία τῆς Καβάλλας ἀνέλαβε τὴν διεξαγωγὴν ἐρευνῶν διὰ τὴν ἀνακάλυψιν τοῦ κρυμμένου θησαυροῦ τὸν ὁποῖον ἐζήτουν οἱ ξένοι.

Τὰ χρήματα προέρχονται ἀπὸ τὴν ἐποχὴν τοῦ πολέμου καὶ λέγεται ὅτι ὑπερβαίνουν τὰς τρεῖς χιλιάδας λιρῶν.

Κατ' εἰδήσεις ἐκ Καβάλλας ὁ καγκελλάριος Ἀγγελίδης κατέκλεψε εἰς τὴν διευθύνουσαν τῆς ὁδοῦ Κορμά τὴν εὕρεσιν ἀρχαίων νομισμάτων.

Ἀφ' ἑτέρου ἡ ἀστυνομία τῆς Καβάλλας ἀνέλαβε τὴν διεξαγωγὴν ἐρευνῶν διὰ τὴν ἀνακάλυψιν τοῦ κρυμμένου θησαυροῦ τὸν ὁποῖον ἐζήτουν οἱ ξένοι.

Συναυλία Κιθάρας

Ἀύριον ἑσπέραν εἰς τὴν αἴθουσαν τοῦ Συλλόγου Φιλομούσων ἡ κ. Σοφία Κανελλοπούλου θὰ δώσῃ συναυλίαν κιθάρας μὲ ἔργα Ἑλλήνων καὶ ξένων συνθετῶν.

Ἔκθεσις Γύζη

Τὴν Κυριακὴν ἐγκαινιάζεται ἡ ἔκθεσις ἔργων τοῦ Γύζη εἰς τὴν αἴθουσαν τῆς Ἑνώσεως Καλλιτεχνῶν.

ΔΕΛΤΙΟΝ ΣΥΝΑΛΛΑΓΜΑΤΟΣ
Κλείσιμον 18 Ἀπριλίου
ΣΥΝΑΛΛΑΓΜΑ ΜΕΤΡΗΤΟΙΣ	ΑΓΟΡΑ	ΠΩΛΗΣΙΣ
Λονδῖνον	371.75	375.05
Δολλάριον	2.59	8.00
Νέα Ὑόρκη	76.12	76.33
Ἑλβετία	14.75	14.73
Ἰταλία	4.01	4.02
Ἰσπανία	12.67	12.88
Βέλγιον	10.55	10.79
Σουηδία	20.47	20.69
Βουλγαρία	0.52	0.57
Ρουμανία	0.47	0.48
Τσεχοσλοβ.	16.15	16.27
Βιέννη	10.65	10.85
Αἴγυπτος	376.50	380.65
Κωνσταντινούπολις	38.29	39.20
Κύπρος	2.35	2.44
ΧΡΗΜΑΤΙΣΤΗΡΙΑΚΟΝ ΔΕΛΤΙΟΝ
Κλείσιμον 18 Ἀπριλίου
Ὁμ. Ἐθν. Δανείων	Αὐτ.	Ἑταιρεῖαι
Ἀνεξάρτ. 1884	13.	Ἐθνικὴ Ἑτ. 15
Μονοπώλιον	4060.	Ἀγροτ. Τράπεζα 40
Παγίου	8500.	Ἐμπορ. 250
Ἀναγκαστ.	4810.	Ἐλευθ. 1660
Ἐλευθερία	4100.	Ἀθηνῶν 510
Ἀποζημ.	4252.	Ἰονικὴ 1280
Προσφ. 1924	2530.	Ἀσφαλ. 340
Ἀθηνῶν	1205.	Ἡλεκτρ. 1530
Μικτὸν	1200.	Θεσσαλίας 180
Λάρισσα	6450.	Τσιμέντα 470
Πειραιῶς	1010.	Ὁλυμπ. 1410
Λεβαδεία	730.	Καπνὰ 900
ΘΕΑΤΡΑ

Παπαϊωάννου.—Μίς Τσάρλεστον

Ἀπόλλων.—(Θ. Κυλ.) Μαριονέτες

Ἀθήναιον.—(Κ. Καρυὰ) Μάνεσάκτι

Κυβέλη.—Ἀμερικάνα

Κοτοπούλη.—Ἡ κυρία τοῦ Μαξίμ

Σαμάρτζης.—Ζήτω ἡ ζωή

Ἀττικόν.—Καφωνίδη Βασίλισσα

Ὀλύμπια.—Ὁ Βασιλεὺς τῶν Παρισίων

Δεληγιάννης.—Ἡ Δεσποινίς Μιζέρια

Μπάρας.—Τὰ Νέα τῆς Ἀθήνας

Ἀλάμπρα.—Μάργαρίτα Γκώτιε

Ἀλκαζάρ.—Ὁ Βουλευτὴς
